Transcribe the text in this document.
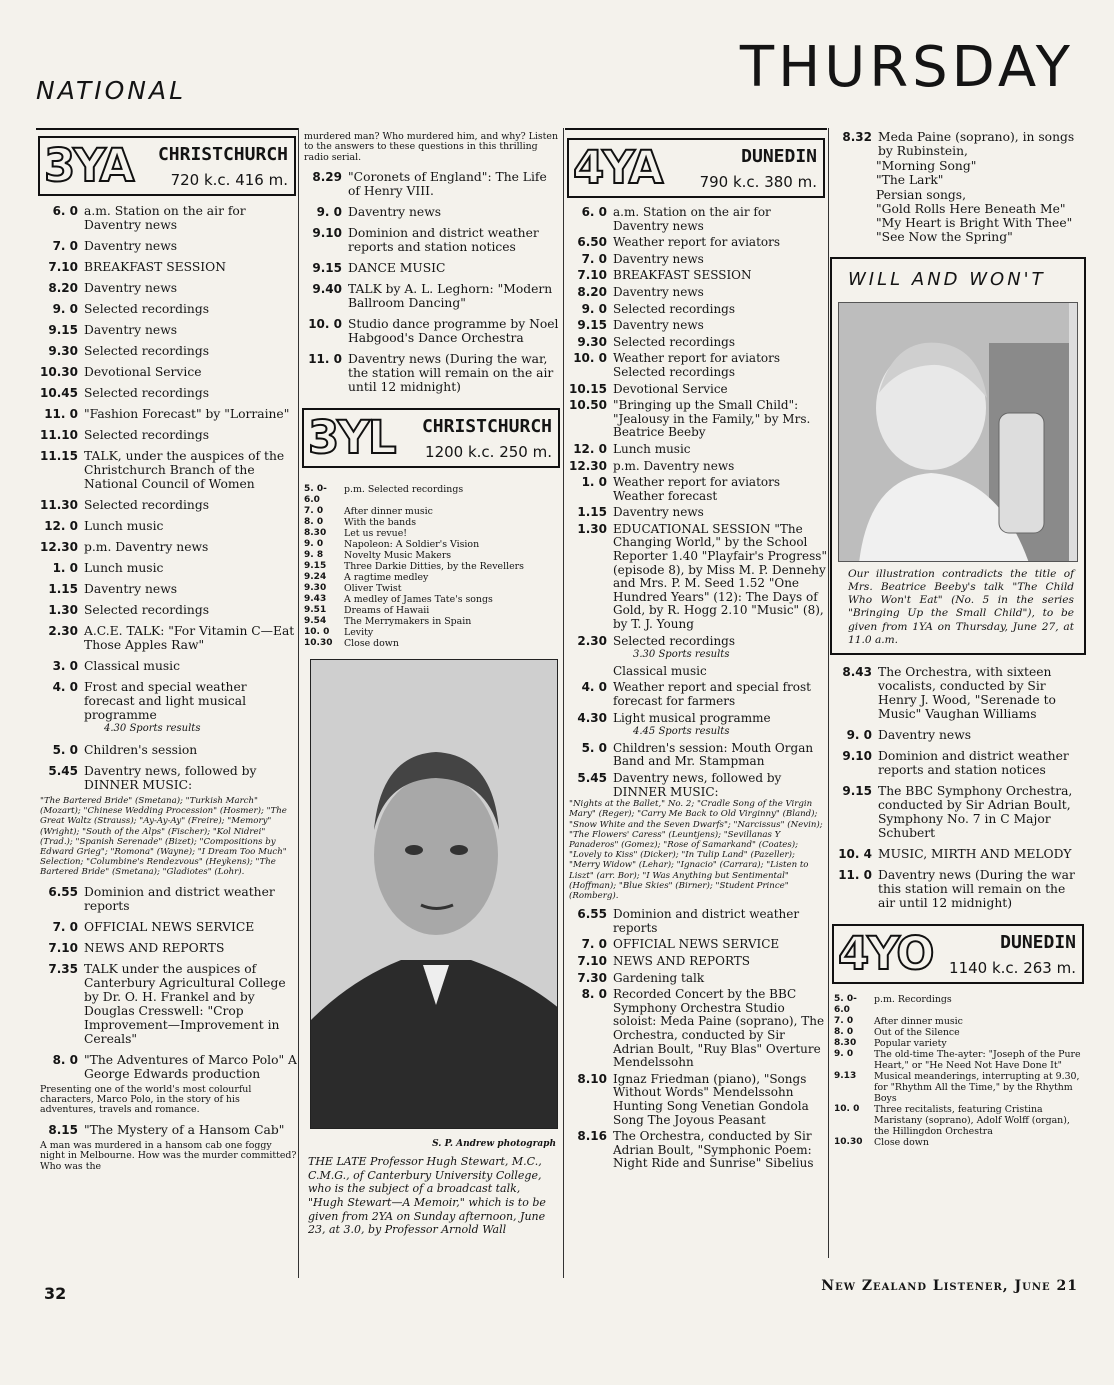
NATIONAL	THURSDAY
3YA CHRISTCHURCH
720 k.c. 416 m.
6. 0 a.m. Station on the air for Daventry news
7. 0 Daventry news
7.10 BREAKFAST SESSION
8.20 Daventry news
9. 0 Selected recordings
9.15 Daventry news
9.30 Selected recordings
10.30 Devotional Service
10.45 Selected recordings
11. 0 "Fashion Forecast" by "Lorraine"
11.10 Selected recordings
11.15 TALK, under the auspices of the Christchurch Branch of the National Council of Women
11.30 Selected recordings
12. 0 Lunch music
12.30 p.m. Daventry news
1. 0 Lunch music
1.15 Daventry news
1.30 Selected recordings
2.30 A.C.E. TALK: "For Vitamin C—Eat Those Apples Raw"
3. 0 Classical music
4. 0 Frost and special weather forecast and light musical programme
4.30 Sports results
5. 0 Children's session
5.45 Daventry news, followed by DINNER MUSIC:
"The Bartered Bride" (Smetana); "Turkish March" (Mozart); "Chinese Wedding Procession" (Hosmer); "The Great Waltz (Strauss); "Ay-Ay-Ay" (Freire); "Memory" (Wright); "South of the Alps" (Fischer); "Kol Nidrei" (Trad.); "Spanish Serenade" (Bizet); "Compositions by Edward Grieg"; "Romona" (Wayne); "I Dream Too Much" Selection; "Columbine's Rendezvous" (Heykens); "The Bartered Bride" (Smetana); "Gladiotes" (Lohr).
6.55 Dominion and district weather reports
7. 0 OFFICIAL NEWS SERVICE
7.10 NEWS AND REPORTS
7.35 TALK under the auspices of Canterbury Agricultural College by Dr. O. H. Frankel and by Douglas Cresswell: "Crop Improvement—Improvement in Cereals"
8. 0 "The Adventures of Marco Polo" A George Edwards production
Presenting one of the world's most colourful characters, Marco Polo, in the story of his adventures, travels and romance.
8.15 "The Mystery of a Hansom Cab"
A man was murdered in a hansom cab one foggy night in Melbourne. How was the murder committed? Who was the
murdered man? Who murdered him, and why? Listen to the answers to these questions in this thrilling radio serial.
8.29 "Coronets of England": The Life of Henry VIII.
9. 0 Daventry news
9.10 Dominion and district weather reports and station notices
9.15 DANCE MUSIC
9.40 TALK by A. L. Leghorn: "Modern Ballroom Dancing"
10. 0 Studio dance programme by Noel Habgood's Dance Orchestra
11. 0 Daventry news (During the war, the station will remain on the air until 12 midnight)
3YL CHRISTCHURCH
1200 k.c. 250 m.
5. 0-6.0
p.m. Selected recordings
7. 0	After dinner music
8. 0	With the bands
8.30	Let us revue!
9. 0	Napoleon: A Soldier's Vision
9. 8	Novelty Music Makers
9.15	Three Darkie Ditties, by the Revellers
9.24	A ragtime medley
9.30	Oliver Twist
9.43	A medley of James Tate's songs
9.51	Dreams of Hawaii
9.54	The Merrymakers in Spain
10. 0	Levity
10.30	Close down
S. P. Andrew photograph
THE LATE Professor Hugh Stewart, M.C., C.M.G., of Canterbury University College, who is the subject of a broadcast talk, "Hugh Stewart—A Memoir," which is to be given from 2YA on Sunday afternoon, June 23, at 3.0, by Professor Arnold Wall
4YA	DUNEDIN
790 k.c. 380 m.
6. 0 a.m. Station on the air for Daventry news
6.50 Weather report for aviators
7. 0 Daventry news
7.10 BREAKFAST SESSION
8.20 Daventry news
9. 0 Selected recordings
9.15 Daventry news
9.30 Selected recordings
10. 0 Weather report for aviators Selected recordings
10.15 Devotional Service
10.50 "Bringing up the Small Child": "Jealousy in the Family," by Mrs. Beatrice Beeby
12. 0 Lunch music
12.30 p.m. Daventry news
1. 0 Weather report for aviators Weather forecast
1.15 Daventry news
1.30 EDUCATIONAL SESSION "The Changing World," by the School Reporter 1.40 "Playfair's Progress" (episode 8), by Miss M. P. Dennehy and Mrs. P. M. Seed 1.52 "One Hundred Years" (12): The Days of Gold, by R. Hogg 2.10 "Music" (8), by T. J. Young
2.30 Selected recordings
3.30 Sports results
Classical music
4. 0 Weather report and special frost forecast for farmers
4.30 Light musical programme
4.45 Sports results
5. 0 Children's session: Mouth Organ Band and Mr. Stampman
5.45 Daventry news, followed by DINNER MUSIC:
"Nights at the Ballet," No. 2; "Cradle Song of the Virgin Mary" (Reger); "Carry Me Back to Old Virginny" (Bland); "Snow White and the Seven Dwarfs"; "Narcissus" (Nevin); "The Flowers' Caress" (Leuntjens); "Sevillanas Y Panaderos" (Gomez); "Rose of Samarkand" (Coates); "Lovely to Kiss" (Dicker); "In Tulip Land" (Pazeller); "Merry Widow" (Lehar); "Ignacio" (Carrara); "Listen to Liszt" (arr. Bor); "I Was Anything but Sentimental" (Hoffman); "Blue Skies" (Birner); "Student Prince" (Romberg).
6.55 Dominion and district weather reports
7. 0 OFFICIAL NEWS SERVICE
7.10 NEWS AND REPORTS
7.30 Gardening talk
8. 0 Recorded Concert by the BBC Symphony Orchestra Studio soloist: Meda Paine (soprano), The Orchestra, conducted by Sir Adrian Boult, "Ruy Blas" Overture Mendelssohn
8.10 Ignaz Friedman (piano), "Songs Without Words" Mendelssohn Hunting Song Venetian Gondola Song The Joyous Peasant
8.16 The Orchestra, conducted by Sir Adrian Boult, "Symphonic Poem: Night Ride and Sunrise" Sibelius
8.32 Meda Paine (soprano), in songs by Rubinstein,
"Morning Song"
"The Lark"
Persian songs,
"Gold Rolls Here Beneath Me"
"My Heart is Bright With Thee"
"See Now the Spring"
WILL AND WON'T
Our illustration contradicts the title of Mrs. Beatrice Beeby's talk "The Child Who Won't Eat" (No. 5 in the series "Bringing Up the Small Child"), to be given from 1YA on Thursday, June 27, at 11.0 a.m.
8.43 The Orchestra, with sixteen vocalists, conducted by Sir Henry J. Wood, "Serenade to Music" Vaughan Williams
9. 0 Daventry news
9.10 Dominion and district weather reports and station notices
9.15 The BBC Symphony Orchestra, conducted by Sir Adrian Boult, Symphony No. 7 in C Major Schubert
10. 4 MUSIC, MIRTH AND MELODY
11. 0 Daventry news (During the war this station will remain on the air until 12 midnight)
4YO	DUNEDIN
1140 k.c. 263 m.
5. 0-6.0
p.m. Recordings
7. 0	After dinner music
8. 0	Out of the Silence
8.30	Popular variety
9. 0	The old-time The-ayter: "Joseph of the Pure Heart," or "He Need Not Have Done It"
9.13	Musical meanderings, interrupting at 9.30, for "Rhythm All the Time," by the Rhythm Boys
10. 0	Three recitalists, featuring Cristina Maristany (soprano), Adolf Wolff (organ), the Hillingdon Orchestra
10.30	Close down
32	New Zealand Listener, June 21
